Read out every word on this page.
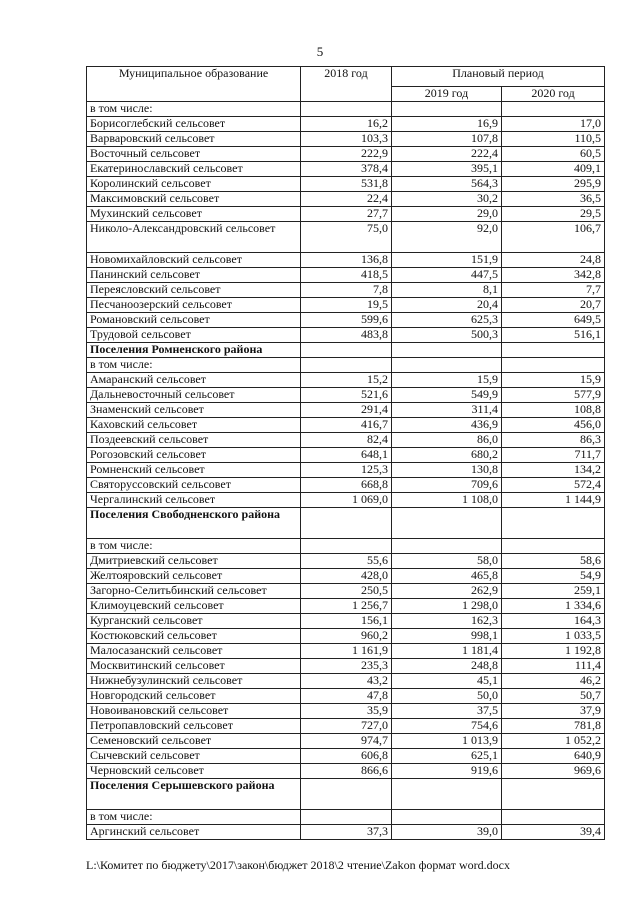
5
Муниципальное образование	2018 год	Плановый период	
		2019 год	2020 год
в том числе:			
Борисоглебский сельсовет	16,2	16,9	17,0
Варваровский сельсовет	103,3	107,8	110,5
Восточный сельсовет	222,9	222,4	60,5
Екатеринославский сельсовет	378,4	395,1	409,1
Королинский сельсовет	531,8	564,3	295,9
Максимовский сельсовет	22,4	30,2	36,5
Мухинский сельсовет	27,7	29,0	29,5
Николо-Александровский сельсовет	75,0	92,0	106,7
Новомихайловский сельсовет	136,8	151,9	24,8
Панинский сельсовет	418,5	447,5	342,8
Переясловский сельсовет	7,8	8,1	7,7
Песчаноозерский сельсовет	19,5	20,4	20,7
Романовский сельсовет	599,6	625,3	649,5
Трудовой сельсовет	483,8	500,3	516,1
Поселения Ромненского района			
в том числе:			
Амаранский сельсовет	15,2	15,9	15,9
Дальневосточный сельсовет	521,6	549,9	577,9
Знаменский сельсовет	291,4	311,4	108,8
Каховский сельсовет	416,7	436,9	456,0
Поздеевский сельсовет	82,4	86,0	86,3
Рогозовский сельсовет	648,1	680,2	711,7
Ромненский сельсовет	125,3	130,8	134,2
Святорусcовский сельсовет	668,8	709,6	572,4
Чергалинский сельсовет	1 069,0	1 108,0	1 144,9
Поселения Свободненского района			
в том числе:			
Дмитриевский сельсовет	55,6	58,0	58,6
Желтояровский сельсовет	428,0	465,8	54,9
Загорно-Селитьбинский сельсовет	250,5	262,9	259,1
Климоуцевский сельсовет	1 256,7	1 298,0	1 334,6
Курганский сельсовет	156,1	162,3	164,3
Костюковский сельсовет	960,2	998,1	1 033,5
Малосазанский сельсовет	1 161,9	1 181,4	1 192,8
Москвитинский сельсовет	235,3	248,8	111,4
Нижнебузулинский сельсовет	43,2	45,1	46,2
Новгородский сельсовет	47,8	50,0	50,7
Новоивановский сельсовет	35,9	37,5	37,9
Петропавловский сельсовет	727,0	754,6	781,8
Семеновский сельсовет	974,7	1 013,9	1 052,2
Сычевский сельсовет	606,8	625,1	640,9
Черновский сельсовет	866,6	919,6	969,6
Поселения Серышевского района			
в том числе:			
Аргинский сельсовет	37,3	39,0	39,4
L:\Комитет по бюджету\2017\закон\бюджет 2018\2 чтение\Zakon формат word.docx
